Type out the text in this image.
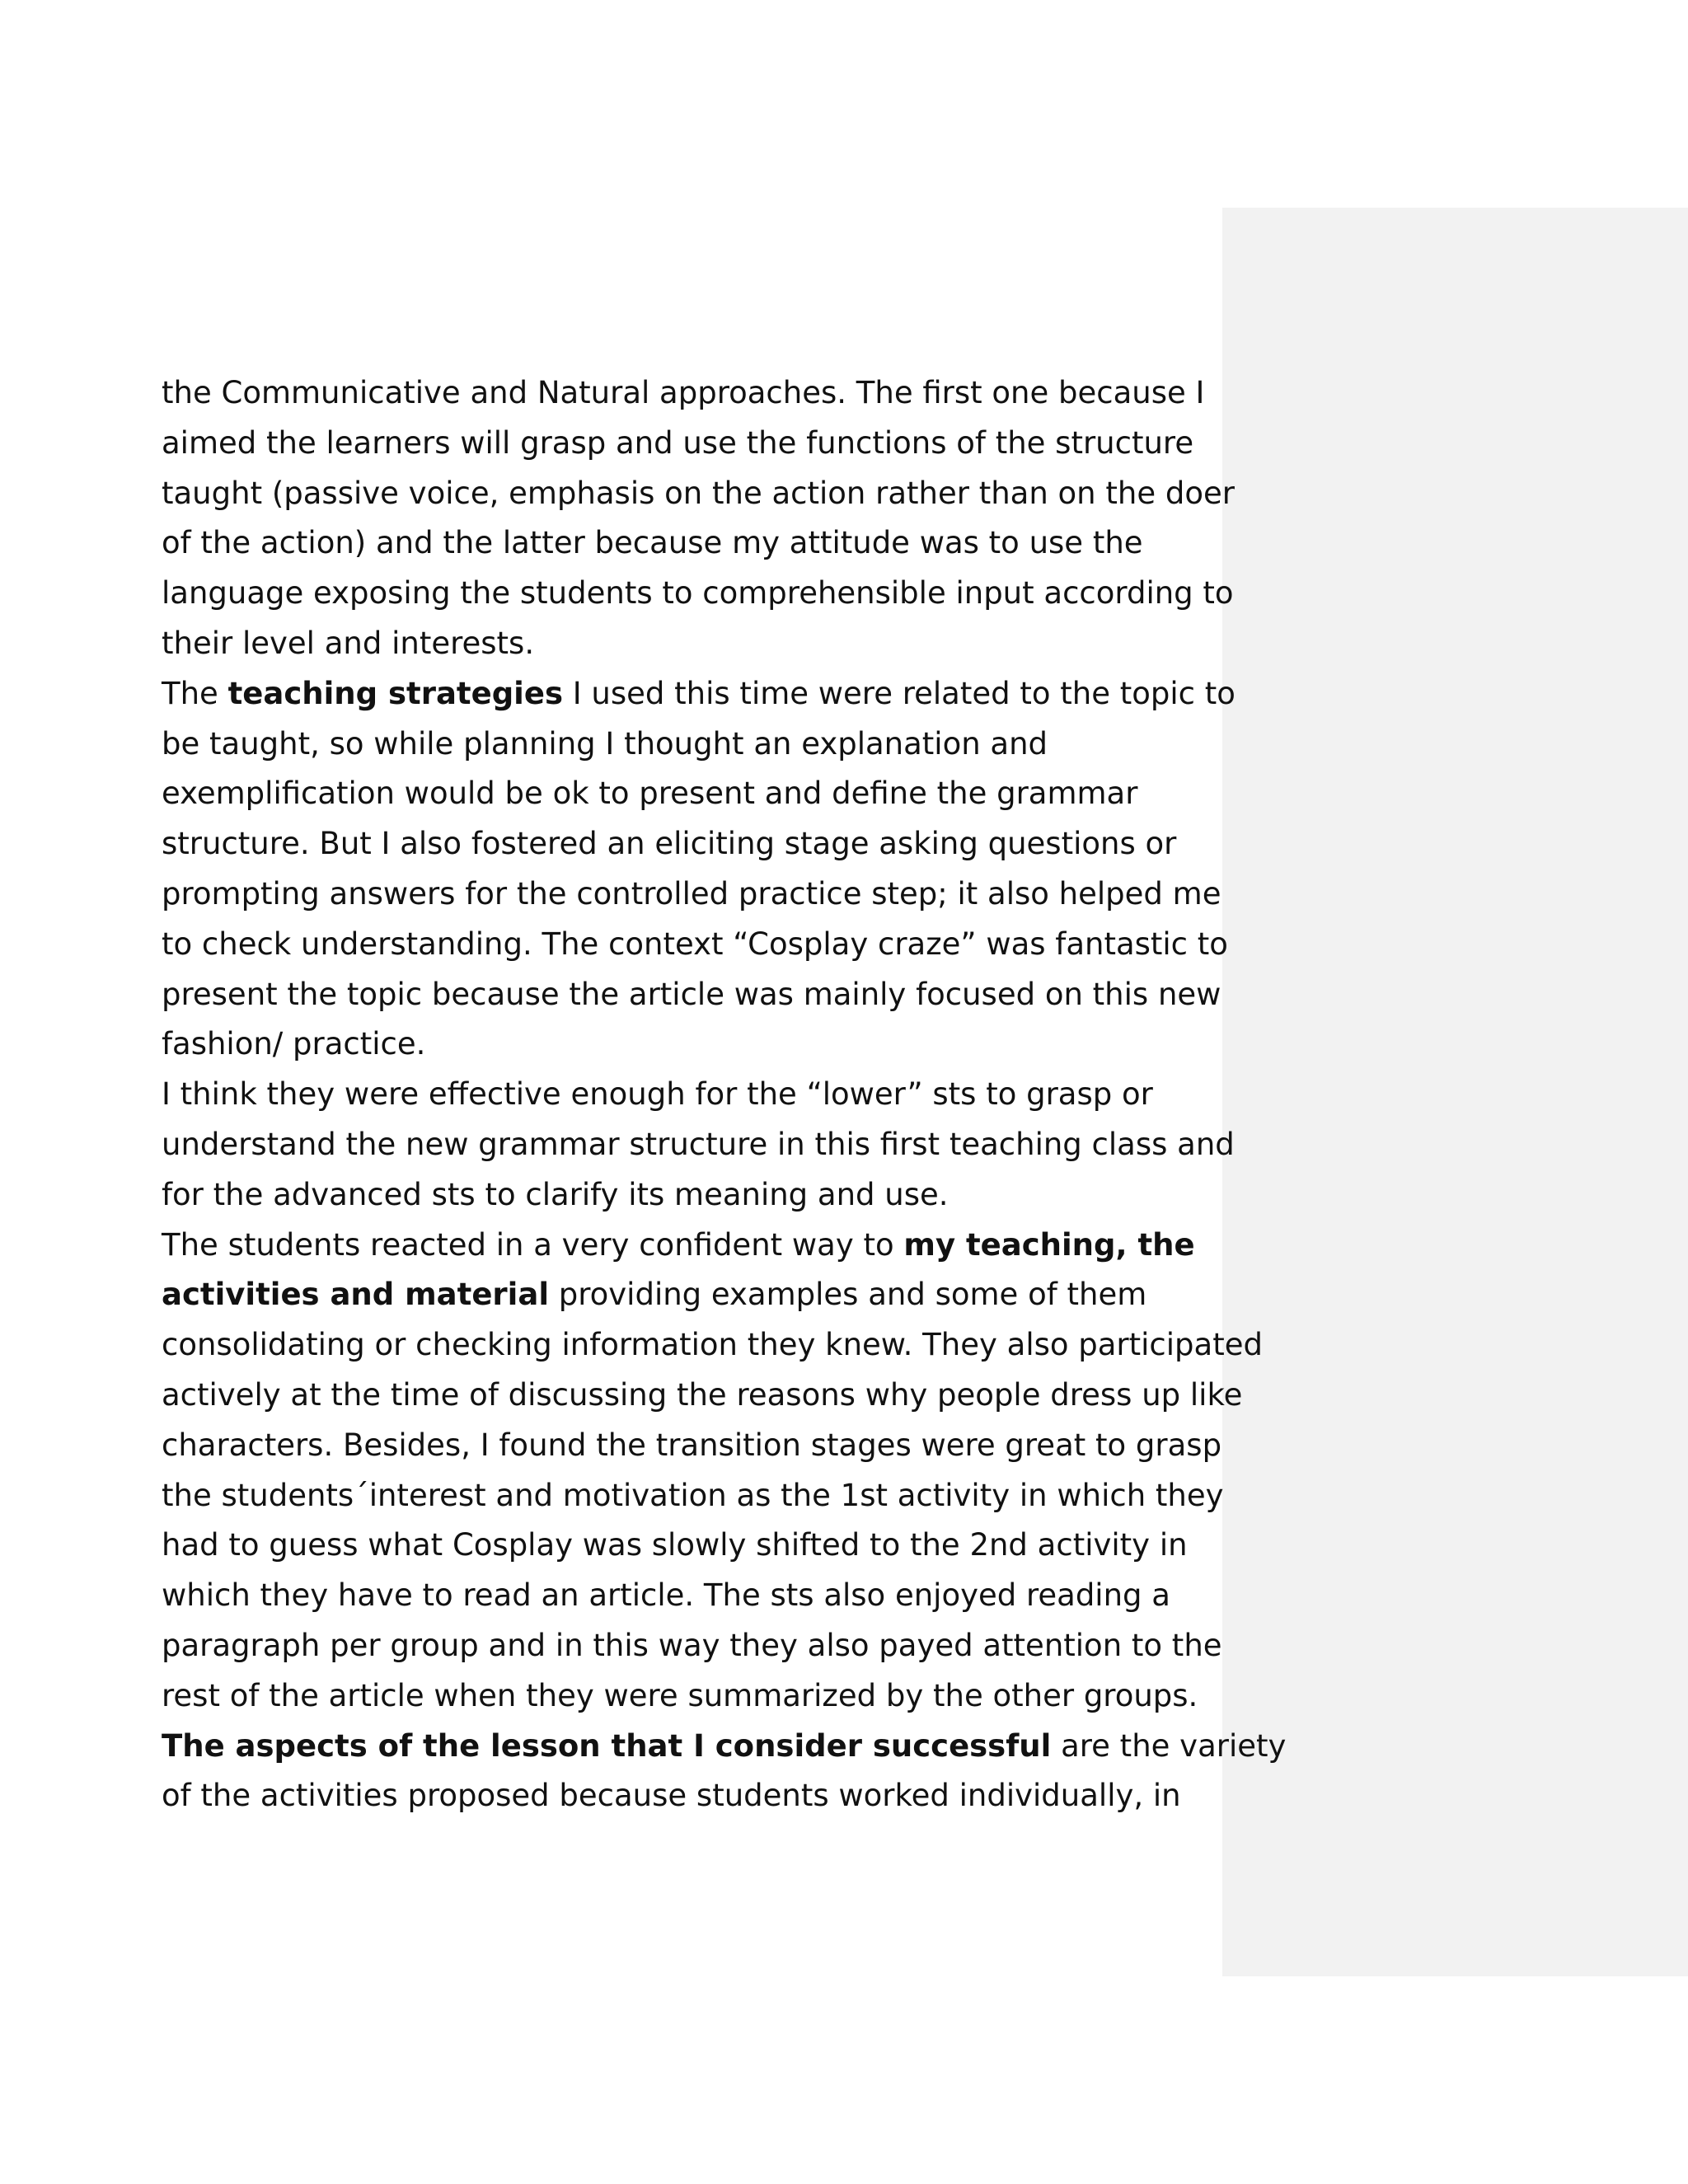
the Communicative and Natural approaches. The first one because I
aimed the learners will grasp and use the functions of the structure
taught (passive voice, emphasis on the action rather than on the doer
of the action) and the latter because my attitude was to use the
language exposing the students to comprehensible input according to
their level and interests.
The teaching strategies I used this time were related to the topic to
be taught, so while planning I thought an explanation and
exemplification would be ok to present and define the grammar
structure. But I also fostered an eliciting stage asking questions or
prompting answers for the controlled practice step; it also helped me
to check understanding. The context “Cosplay craze” was fantastic to
present the topic because the article was mainly focused on this new
fashion/ practice.
I think they were effective enough for the “lower” sts to grasp or
understand the new grammar structure in this first teaching class and
for the advanced sts to clarify its meaning and use.
The students reacted in a very confident way to my teaching, the
activities and material providing examples and some of them
consolidating or checking information they knew. They also participated
actively at the time of discussing the reasons why people dress up like
characters. Besides, I found the transition stages were great to grasp
the students´interest and motivation as the 1st activity in which they
had to guess what Cosplay was slowly shifted to the 2nd activity in
which they have to read an article. The sts also enjoyed reading a
paragraph per group and in this way they also payed attention to the
rest of the article when they were summarized by the other groups.
The aspects of the lesson that I consider successful are the variety
of the activities proposed because students worked individually, in
